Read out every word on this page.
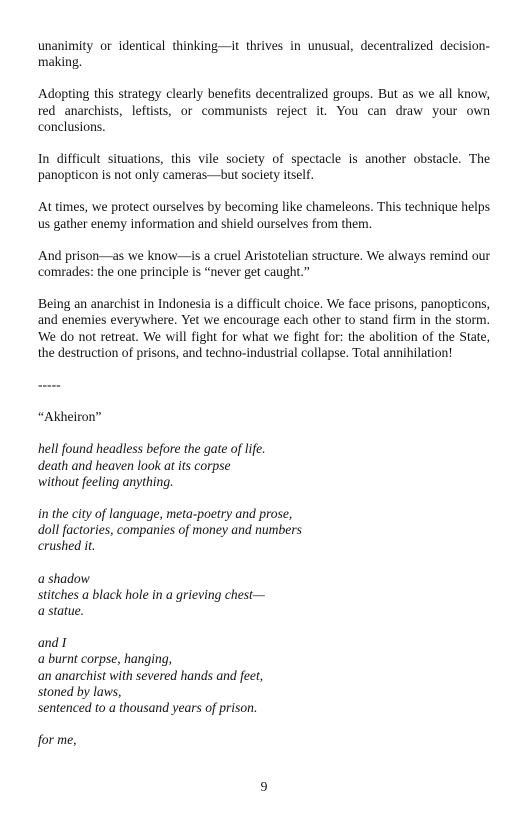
unanimity or identical thinking—it thrives in unusual, decentralized decision-making.

Adopting this strategy clearly benefits decentralized groups. But as we all know, red anarchists, leftists, or communists reject it. You can draw your own conclusions.

In difficult situations, this vile society of spectacle is another obstacle. The panopticon is not only cameras—but society itself.

At times, we protect ourselves by becoming like chameleons. This technique helps us gather enemy information and shield ourselves from them.

And prison—as we know—is a cruel Aristotelian structure. We always remind our comrades: the one principle is “never get caught.”

Being an anarchist in Indonesia is a difficult choice. We face prisons, panopticons, and enemies everywhere. Yet we encourage each other to stand firm in the storm. We do not retreat. We will fight for what we fight for: the abolition of the State, the destruction of prisons, and techno-industrial collapse. Total annihilation!

-----

“Akheiron”

hell found headless before the gate of life.
death and heaven look at its corpse
without feeling anything.
in the city of language, meta-poetry and prose,
doll factories, companies of money and numbers
crushed it.
a shadow
stitches a black hole in a grieving chest—
a statue.
and I
a burnt corpse, hanging,
an anarchist with severed hands and feet,
stoned by laws,
sentenced to a thousand years of prison.
for me,
9
